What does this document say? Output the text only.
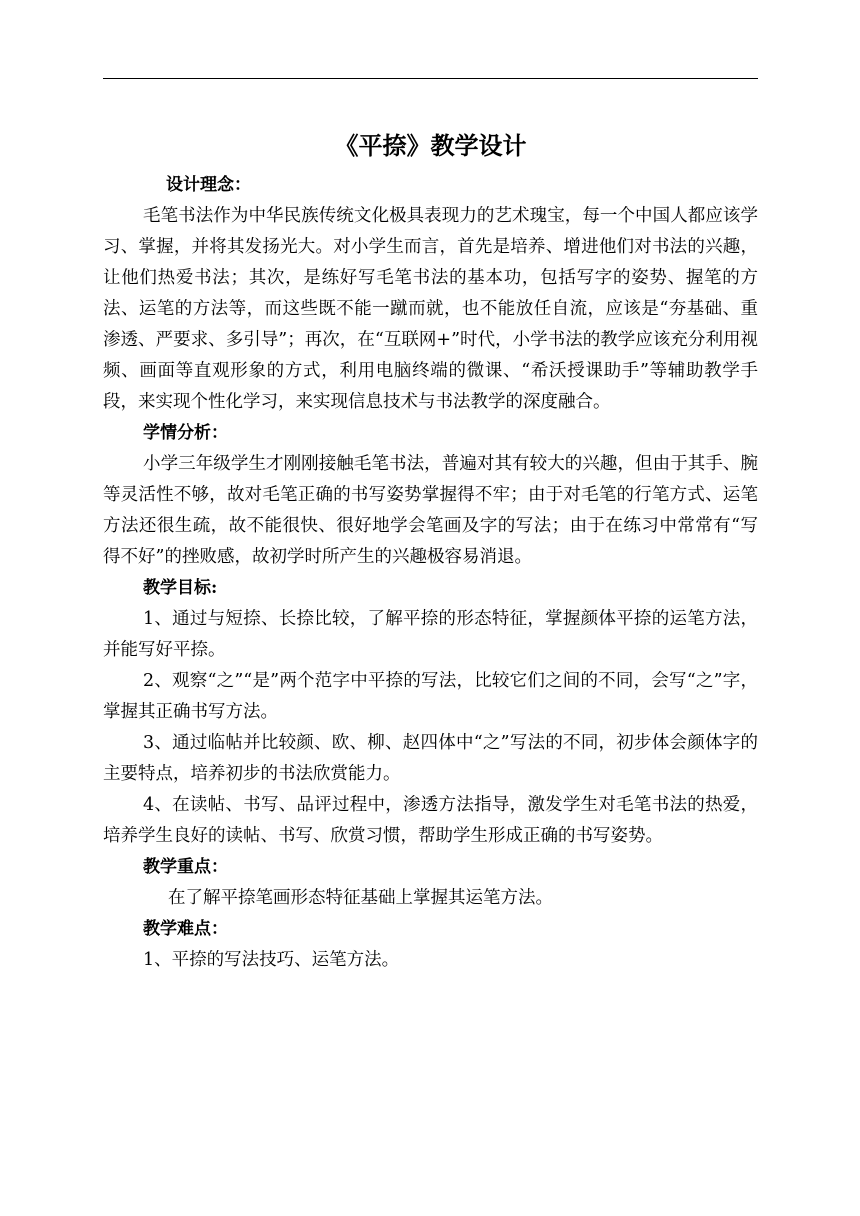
《平捺》教学设计

设计理念：

毛笔书法作为中华民族传统文化极具表现力的艺术瑰宝，每一个中国人都应该学习、掌握，并将其发扬光大。对小学生而言，首先是培养、增进他们对书法的兴趣，让他们热爱书法；其次，是练好写毛笔书法的基本功，包括写字的姿势、握笔的方法、运笔的方法等，而这些既不能一蹴而就，也不能放任自流，应该是“夯基础、重渗透、严要求、多引导”；再次，在“互联网+”时代，小学书法的教学应该充分利用视频、画面等直观形象的方式，利用电脑终端的微课、“希沃授课助手”等辅助教学手段，来实现个性化学习，来实现信息技术与书法教学的深度融合。

学情分析：

小学三年级学生才刚刚接触毛笔书法，普遍对其有较大的兴趣，但由于其手、腕等灵活性不够，故对毛笔正确的书写姿势掌握得不牢；由于对毛笔的行笔方式、运笔方法还很生疏，故不能很快、很好地学会笔画及字的写法；由于在练习中常常有“写得不好”的挫败感，故初学时所产生的兴趣极容易消退。

教学目标:

1、通过与短捺、长捺比较，了解平捺的形态特征，掌握颜体平捺的运笔方法，并能写好平捺。

2、观察“之”“是”两个范字中平捺的写法，比较它们之间的不同，会写“之”字，掌握其正确书写方法。

3、通过临帖并比较颜、欧、柳、赵四体中“之”写法的不同，初步体会颜体字的主要特点，培养初步的书法欣赏能力。

4、在读帖、书写、品评过程中，渗透方法指导，激发学生对毛笔书法的热爱，培养学生良好的读帖、书写、欣赏习惯，帮助学生形成正确的书写姿势。

教学重点：

在了解平捺笔画形态特征基础上掌握其运笔方法。

教学难点：

1、平捺的写法技巧、运笔方法。
